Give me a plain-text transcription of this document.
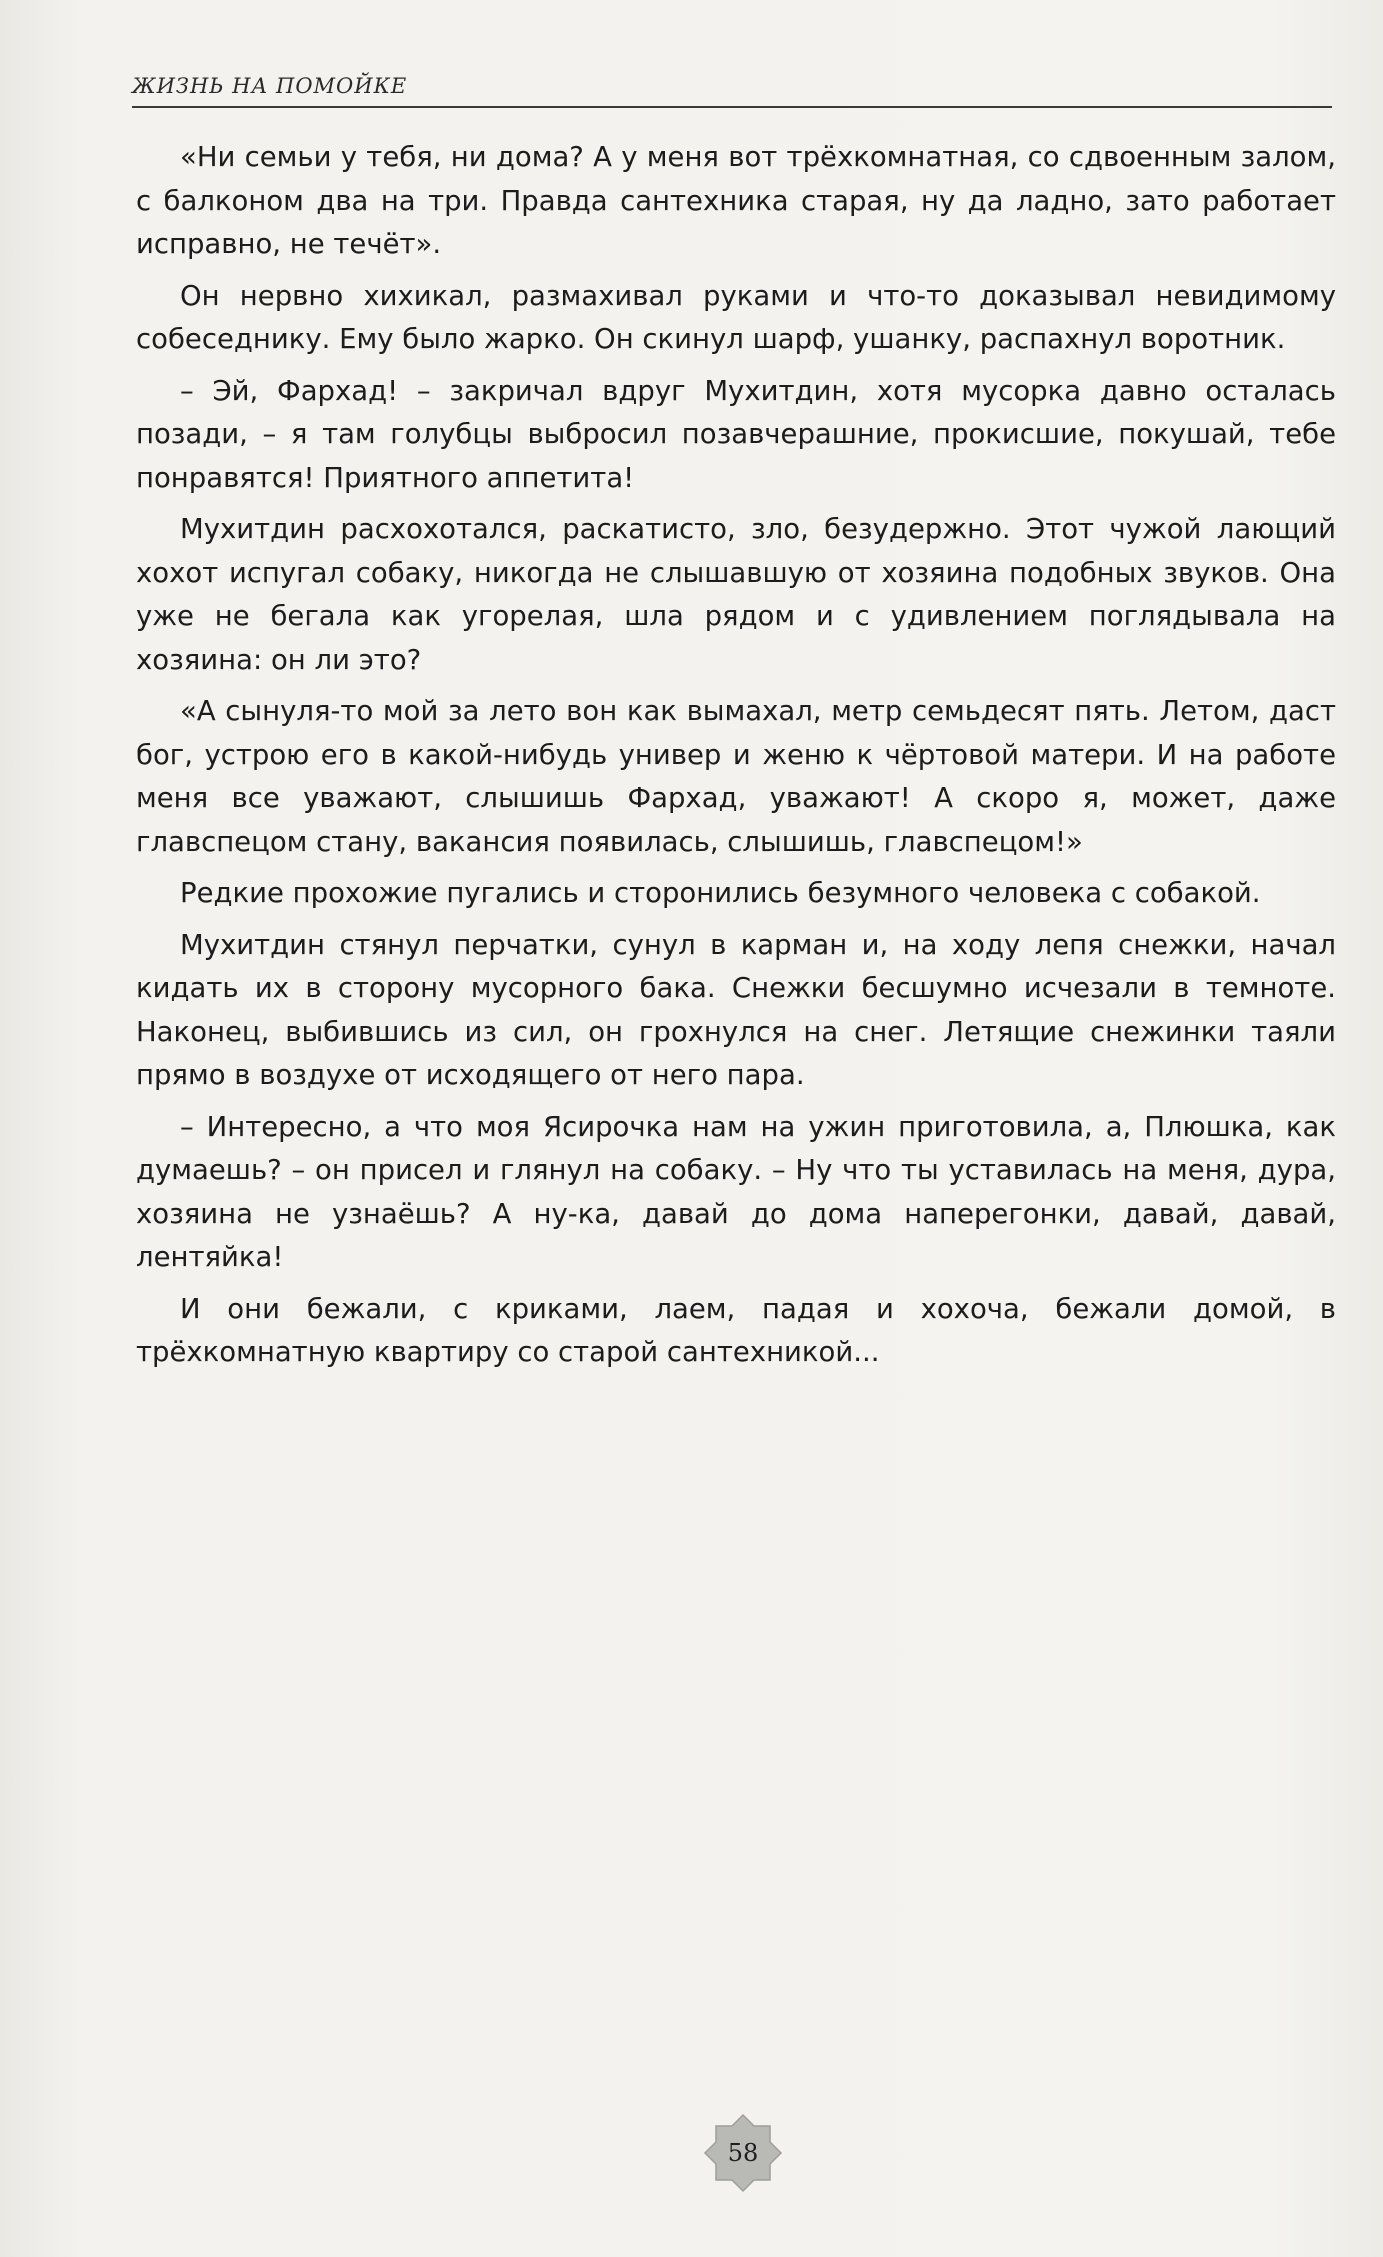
ЖИЗНЬ НА ПОМОЙКЕ

«Ни семьи у тебя, ни дома? А у меня вот трёхкомнатная, со сдвоенным залом, с балконом два на три. Правда сантехника старая, ну да ладно, зато работает исправно, не течёт».

Он нервно хихикал, размахивал руками и что-то доказывал невидимому собеседнику. Ему было жарко. Он скинул шарф, ушанку, распахнул воротник.

– Эй, Фархад! – закричал вдруг Мухитдин, хотя мусорка давно осталась позади, – я там голубцы выбросил позавчерашние, прокисшие, покушай, тебе понравятся! Приятного аппетита!

Мухитдин расхохотался, раскатисто, зло, безудержно. Этот чужой лающий хохот испугал собаку, никогда не слышавшую от хозяина подобных звуков. Она уже не бегала как угорелая, шла рядом и с удивлением поглядывала на хозяина: он ли это?

«А сынуля-то мой за лето вон как вымахал, метр семьдесят пять. Летом, даст бог, устрою его в какой-нибудь универ и женю к чёртовой матери. И на работе меня все уважают, слышишь Фархад, уважают! А скоро я, может, даже главспецом стану, вакансия появилась, слышишь, главспецом!»

Редкие прохожие пугались и сторонились безумного человека с собакой.

Мухитдин стянул перчатки, сунул в карман и, на ходу лепя снежки, начал кидать их в сторону мусорного бака. Снежки бесшумно исчезали в темноте. Наконец, выбившись из сил, он грохнулся на снег. Летящие снежинки таяли прямо в воздухе от исходящего от него пара.

– Интересно, а что моя Ясирочка нам на ужин приготовила, а, Плюшка, как думаешь? – он присел и глянул на собаку. – Ну что ты уставилась на меня, дура, хозяина не узнаёшь? А ну-ка, давай до дома наперегонки, давай, давай, лентяйка!

И они бежали, с криками, лаем, падая и хохоча, бежали домой, в трёхкомнатную квартиру со старой сантехникой...

58
